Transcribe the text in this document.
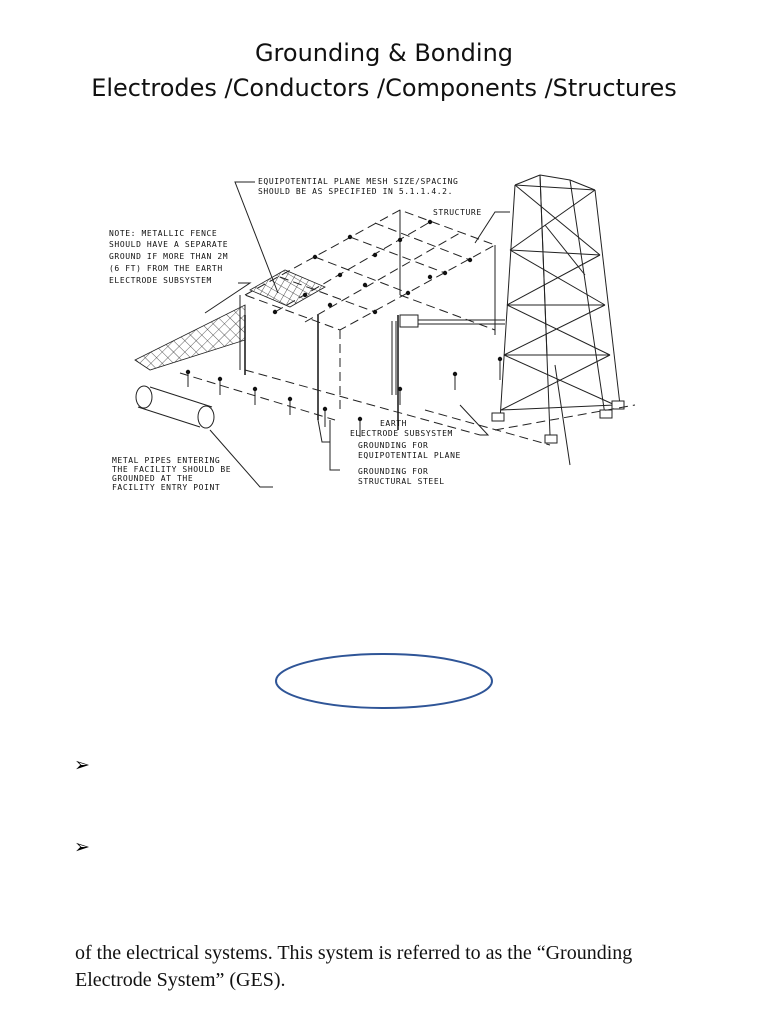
Grounding & Bonding
Electrodes /Conductors /Components /Structures
EQUIPOTENTIAL PLANE MESH SIZE/SPACING
SHOULD BE AS SPECIFIED IN 5.1.1.4.2.
STRUCTURE
NOTE: METALLIC FENCE
SHOULD HAVE A SEPARATE
GROUND IF MORE THAN 2M
(6 FT) FROM THE EARTH
ELECTRODE SUBSYSTEM
EARTH
ELECTRODE SUBSYSTEM
GROUNDING FOR
EQUIPOTENTIAL PLANE
GROUNDING FOR
STRUCTURAL STEEL
METAL PIPES ENTERING
THE FACILITY SHOULD BE
GROUNDED AT THE
FACILITY ENTRY POINT
➢
➢
of the electrical systems. This system is referred to as the “Grounding
Electrode System” (GES).
